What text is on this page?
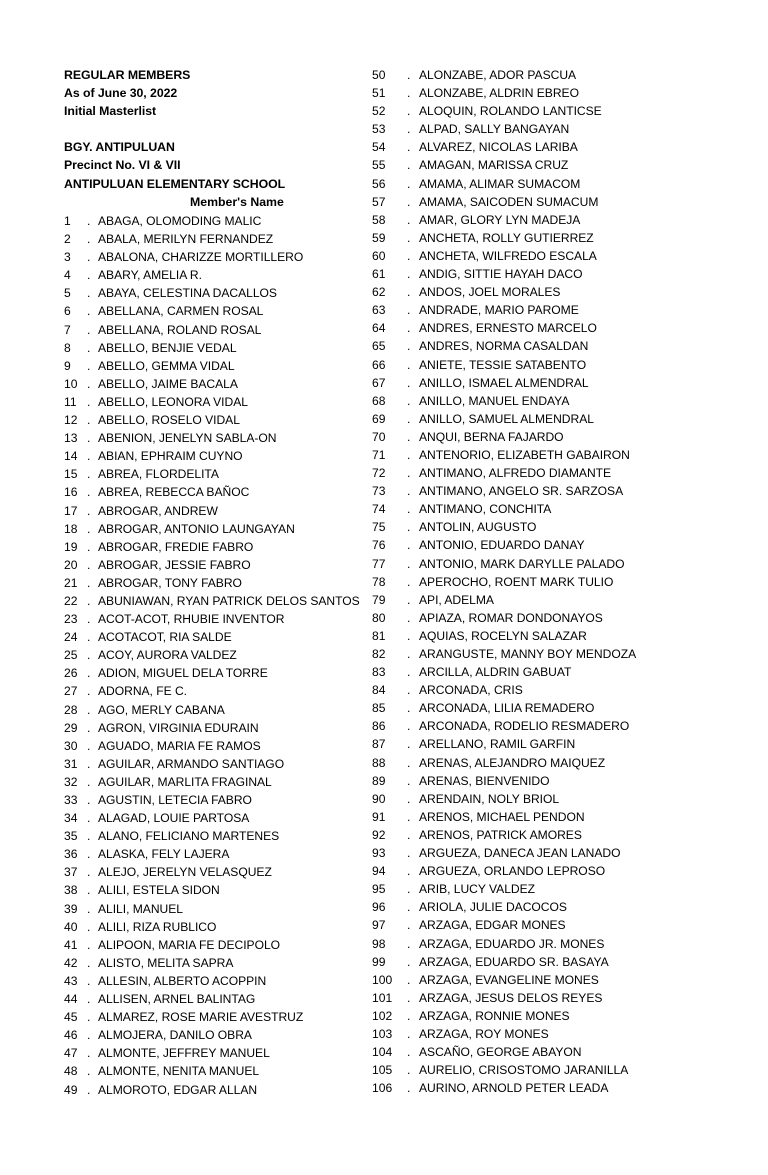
REGULAR MEMBERS
As of June 30, 2022
Initial Masterlist
BGY. ANTIPULUAN
Precinct No. VI & VII
ANTIPULUAN ELEMENTARY SCHOOL
Member's Name
1	. ABAGA, OLOMODING MALIC
2	. ABALA, MERILYN FERNANDEZ
3	. ABALONA, CHARIZZE MORTILLERO
4	. ABARY, AMELIA R.
5	. ABAYA, CELESTINA DACALLOS
6	. ABELLANA, CARMEN ROSAL
7	. ABELLANA, ROLAND ROSAL
8	. ABELLO, BENJIE VEDAL
9	. ABELLO, GEMMA VIDAL
10 . ABELLO, JAIME BACALA
11 . ABELLO, LEONORA VIDAL
12 . ABELLO, ROSELO VIDAL
13 . ABENION, JENELYN SABLA-ON
14 . ABIAN, EPHRAIM CUYNO
15 . ABREA, FLORDELITA
16 . ABREA, REBECCA BAÑOC
17 . ABROGAR, ANDREW
18 . ABROGAR, ANTONIO LAUNGAYAN
19 . ABROGAR, FREDIE FABRO
20 . ABROGAR, JESSIE FABRO
21 . ABROGAR, TONY FABRO
22 . ABUNIAWAN, RYAN PATRICK DELOS SANTOS
23 . ACOT-ACOT, RHUBIE INVENTOR
24 . ACOTACOT, RIA SALDE
25 . ACOY, AURORA VALDEZ
26 . ADION, MIGUEL DELA TORRE
27 . ADORNA, FE C.
28 . AGO, MERLY CABANA
29 . AGRON, VIRGINIA EDURAIN
30 . AGUADO, MARIA FE RAMOS
31 . AGUILAR, ARMANDO SANTIAGO
32 . AGUILAR, MARLITA FRAGINAL
33 . AGUSTIN, LETECIA FABRO
34 . ALAGAD, LOUIE PARTOSA
35 . ALANO, FELICIANO MARTENES
36 . ALASKA, FELY LAJERA
37 . ALEJO, JERELYN VELASQUEZ
38 . ALILI, ESTELA SIDON
39 . ALILI, MANUEL
40 . ALILI, RIZA RUBLICO
41 . ALIPOON, MARIA FE DECIPOLO
42 . ALISTO, MELITA SAPRA
43 . ALLESIN, ALBERTO ACOPPIN
44 . ALLISEN, ARNEL BALINTAG
45 . ALMAREZ, ROSE MARIE AVESTRUZ
46 . ALMOJERA, DANILO OBRA
47 . ALMONTE, JEFFREY MANUEL
48 . ALMONTE, NENITA MANUEL
49 . ALMOROTO, EDGAR ALLAN
50	. ALONZABE, ADOR PASCUA
51	. ALONZABE, ALDRIN EBREO
52	. ALOQUIN, ROLANDO LANTICSE
53	. ALPAD, SALLY BANGAYAN
54	. ALVAREZ, NICOLAS LARIBA
55	. AMAGAN, MARISSA CRUZ
56	. AMAMA, ALIMAR SUMACOM
57	. AMAMA, SAICODEN SUMACUM
58	. AMAR, GLORY LYN MADEJA
59	. ANCHETA, ROLLY GUTIERREZ
60	. ANCHETA, WILFREDO ESCALA
61	. ANDIG, SITTIE HAYAH DACO
62	. ANDOS, JOEL MORALES
63	. ANDRADE, MARIO PAROME
64	. ANDRES, ERNESTO MARCELO
65	. ANDRES, NORMA CASALDAN
66	. ANIETE, TESSIE SATABENTO
67	. ANILLO, ISMAEL ALMENDRAL
68	. ANILLO, MANUEL ENDAYA
69	. ANILLO, SAMUEL ALMENDRAL
70	. ANQUI, BERNA FAJARDO
71	. ANTENORIO, ELIZABETH GABAIRON
72	. ANTIMANO, ALFREDO DIAMANTE
73	. ANTIMANO, ANGELO SR. SARZOSA
74	. ANTIMANO, CONCHITA
75	. ANTOLIN, AUGUSTO
76	. ANTONIO, EDUARDO DANAY
77	. ANTONIO, MARK DARYLLE PALADO
78	. APEROCHO, ROENT MARK TULIO
79	. API, ADELMA
80	. APIAZA, ROMAR DONDONAYOS
81	. AQUIAS, ROCELYN SALAZAR
82	. ARANGUSTE, MANNY BOY MENDOZA
83	. ARCILLA, ALDRIN GABUAT
84	. ARCONADA, CRIS
85	. ARCONADA, LILIA REMADERO
86	. ARCONADA, RODELIO RESMADERO
87	. ARELLANO, RAMIL GARFIN
88	. ARENAS, ALEJANDRO MAIQUEZ
89	. ARENAS, BIENVENIDO
90	. ARENDAIN, NOLY BRIOL
91	. ARENOS, MICHAEL PENDON
92	. ARENOS, PATRICK AMORES
93	. ARGUEZA, DANECA JEAN LANADO
94	. ARGUEZA, ORLANDO LEPROSO
95	. ARIB, LUCY VALDEZ
96	. ARIOLA, JULIE DACOCOS
97	. ARZAGA, EDGAR MONES
98	. ARZAGA, EDUARDO JR. MONES
99	. ARZAGA, EDUARDO SR. BASAYA
100	. ARZAGA, EVANGELINE MONES
101	. ARZAGA, JESUS DELOS REYES
102	. ARZAGA, RONNIE MONES
103	. ARZAGA, ROY MONES
104	. ASCAÑO, GEORGE ABAYON
105	. AURELIO, CRISOSTOMO JARANILLA
106	. AURINO, ARNOLD PETER LEADA
